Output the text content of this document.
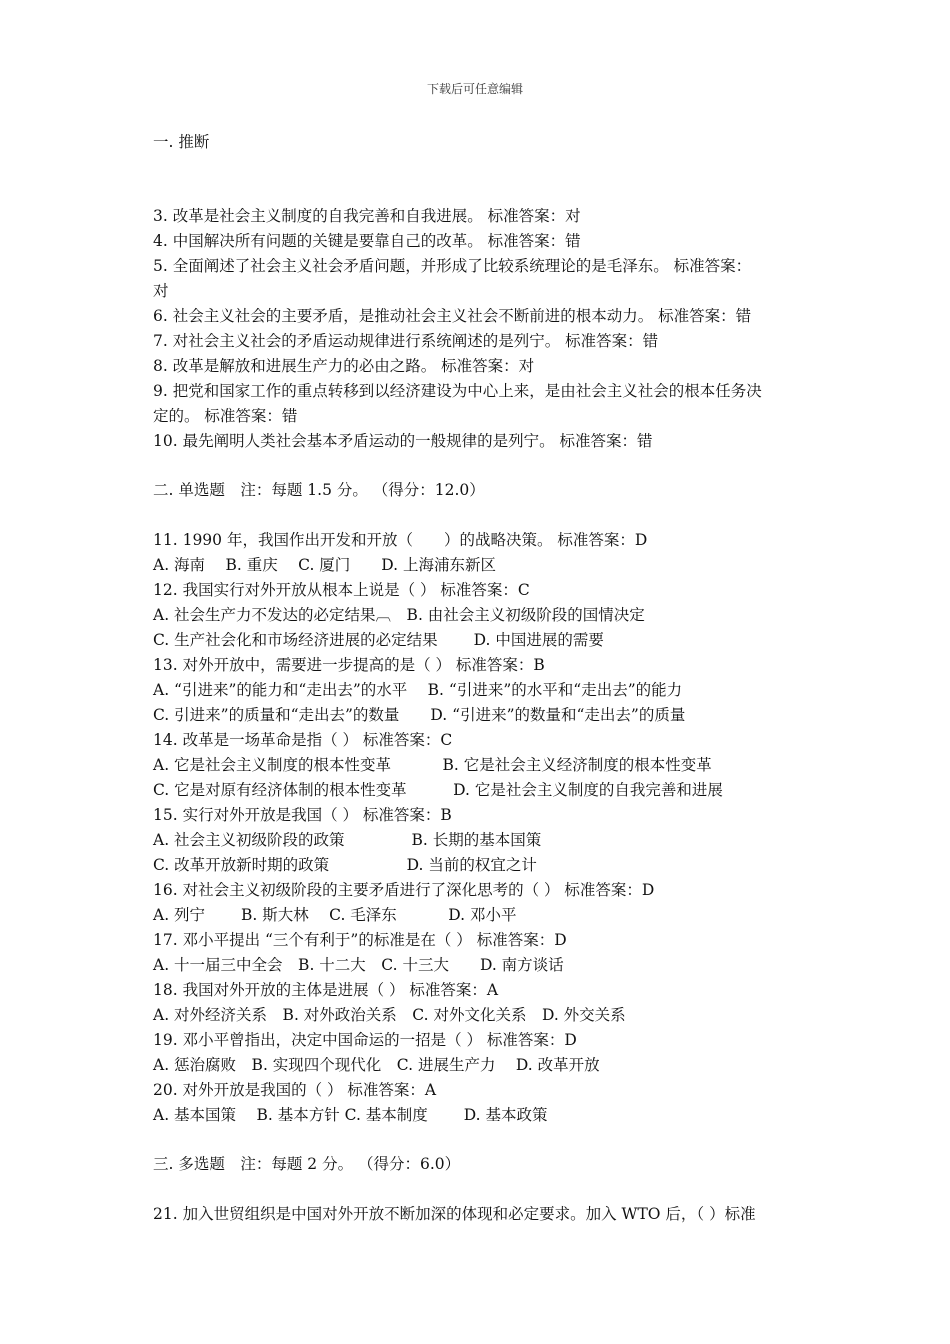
下载后可任意编辑
一. 推断
3. 改革是社会主义制度的自我完善和自我进展。 标准答案：对
4. 中国解决所有问题的关键是要靠自己的改革。 标准答案：错
5. 全面阐述了社会主义社会矛盾问题，并形成了比较系统理论的是毛泽东。 标准答案：
对
6. 社会主义社会的主要矛盾，是推动社会主义社会不断前进的根本动力。 标准答案：错
7. 对社会主义社会的矛盾运动规律进行系统阐述的是列宁。 标准答案：错
8. 改革是解放和进展生产力的必由之路。 标准答案：对
9. 把党和国家工作的重点转移到以经济建设为中心上来，是由社会主义社会的根本任务决
定的。 标准答案：错
10. 最先阐明人类社会基本矛盾运动的一般规律的是列宁。 标准答案：错
二. 单选题　注：每题 1.5 分。 （得分：12.0）
11. 1990 年，我国作出开发和开放（　　）的战略决策。 标准答案：D
A. 海南　 B. 重庆　 C. 厦门　　D. 上海浦东新区
12. 我国实行对外开放从根本上说是（ ） 标准答案：C
A. 社会生产力不发达的必定结果︹　B. 由社会主义初级阶段的国情决定
C. 生产社会化和市场经济进展的必定结果　　 D. 中国进展的需要
13. 对外开放中，需要进一步提高的是（ ） 标准答案：B
A. “引进来”的能力和“走出去”的水平　 B. “引进来”的水平和“走出去”的能力
C. 引进来”的质量和“走出去”的数量　　D. “引进来”的数量和“走出去”的质量
14. 改革是一场革命是指（ ） 标准答案：C
A. 它是社会主义制度的根本性变革　　　 B. 它是社会主义经济制度的根本性变革
C. 它是对原有经济体制的根本性变革　　　D. 它是社会主义制度的自我完善和进展
15. 实行对外开放是我国（ ） 标准答案：B
A. 社会主义初级阶段的政策　　　　 B. 长期的基本国策
C. 改革开放新时期的政策　　　　　D. 当前的权宜之计
16. 对社会主义初级阶段的主要矛盾进行了深化思考的（ ） 标准答案：D
A. 列宁　　 B. 斯大林　 C. 毛泽东　　　 D. 邓小平
17. 邓小平提出 “三个有利于”的标准是在（ ） 标准答案：D
A. 十一届三中全会　B. 十二大　C. 十三大　　D. 南方谈话
18. 我国对外开放的主体是进展（ ） 标准答案：A
A. 对外经济关系　B. 对外政治关系　C. 对外文化关系　D. 外交关系
19. 邓小平曾指出，决定中国命运的一招是（ ） 标准答案：D
A. 惩治腐败　B. 实现四个现代化　C. 进展生产力　 D. 改革开放
20. 对外开放是我国的（ ） 标准答案：A
A. 基本国策　 B. 基本方针 C. 基本制度　　 D. 基本政策
三. 多选题　注：每题 2 分。 （得分：6.0）
21. 加入世贸组织是中国对外开放不断加深的体现和必定要求。加入 WTO 后，（ ）标准
